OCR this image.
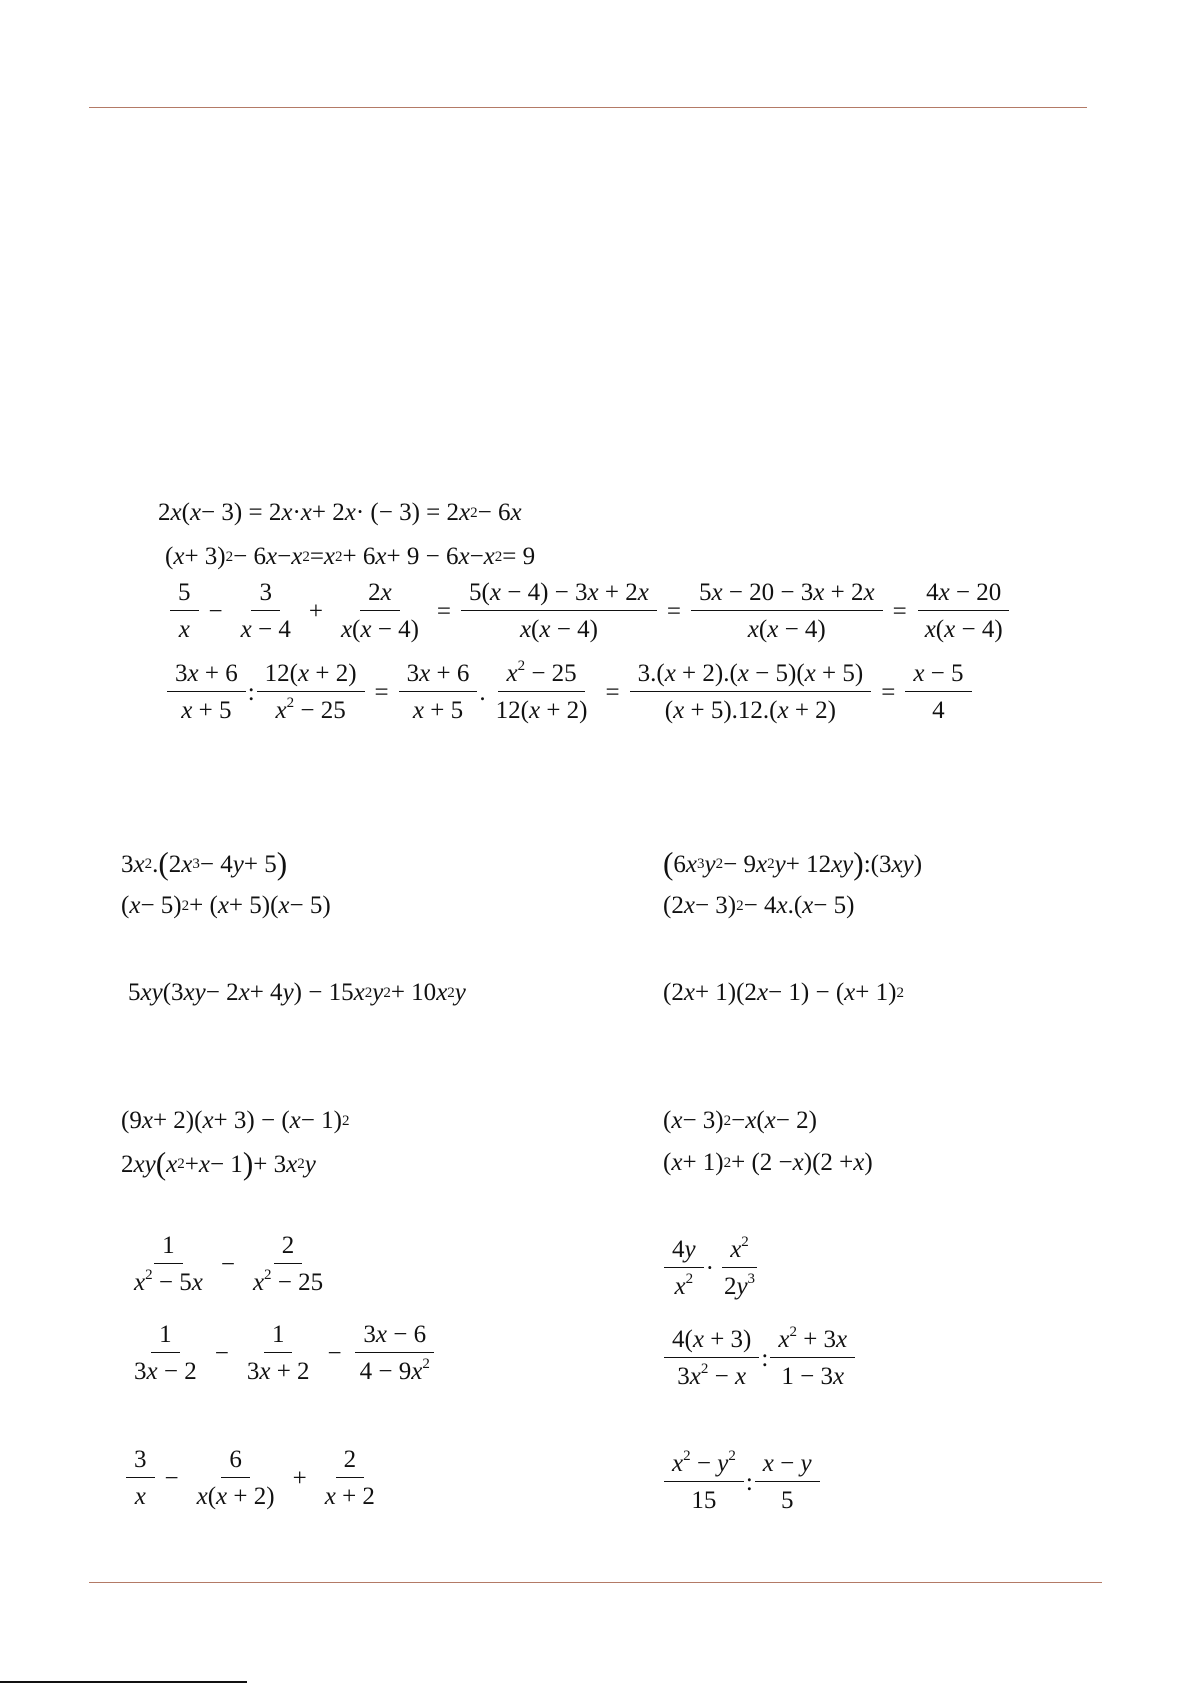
2 x ( x − 3) = 2 x · x + 2 x · (− 3) = 2 x 2 − 6 x
( x + 3) 2 − 6 x − x 2 = x 2 + 6 x + 9 − 6 x − x 2 = 9
$\frac{5}{x} - \frac{3}{x - 4} + \frac{2x}{x(x - 4)} = \frac{5(x - 4) - 3x + 2x}{x(x - 4)} = \frac{5x - 20 - 3x + 2x}{x(x - 4)} = \frac{4x - 20}{x(x - 4)}$
$\frac{3x + 6}{x + 5}$ : $\frac{12(x + 2)}{x^2 - 25} = \frac{3x + 6}{x + 5}$ . $\frac{x^2 - 25}{12(x + 2)} = \frac{3.(x + 2).(x - 5)(x + 5)}{(x + 5).12.(x + 2)} = \frac{x - 5}{4}$
3 x 2 . ( 2 x 3 − 4 y + 5 )
( x − 5) 2 + ( x + 5)( x − 5)
5 xy (3 xy − 2 x + 4 y ) − 15 x 2 y 2 + 10 x 2 y
(9 x + 2)( x + 3) − ( x − 1) 2
2 xy ( x 2 + x − 1 ) + 3 x 2 y
$\frac{1}{x^2 - 5x} - \frac{2}{x^2 - 25}$
$\frac{1}{3x - 2} - \frac{1}{3x + 2} - \frac{3x - 6}{4 - 9x^2}$
$\frac{3}{x} - \frac{6}{x(x + 2)} + \frac{2}{x + 2}$
( 6 x 3 y 2 − 9 x 2 y + 12 xy ) :(3 xy )
(2 x − 3) 2 − 4 x .( x − 5)
(2 x + 1)(2 x − 1) − ( x + 1) 2
( x − 3) 2 − x ( x − 2)
( x + 1) 2 + (2 − x )(2 + x )
$\frac{4y}{x^2} \cdot \frac{x^2}{2y^3}$
$\frac{4(x + 3)}{3x^2 - x}$ : $\frac{x^2 + 3x}{1 - 3x}$
$\frac{x^2 - y^2}{15}$ : $\frac{x - y}{5}$
